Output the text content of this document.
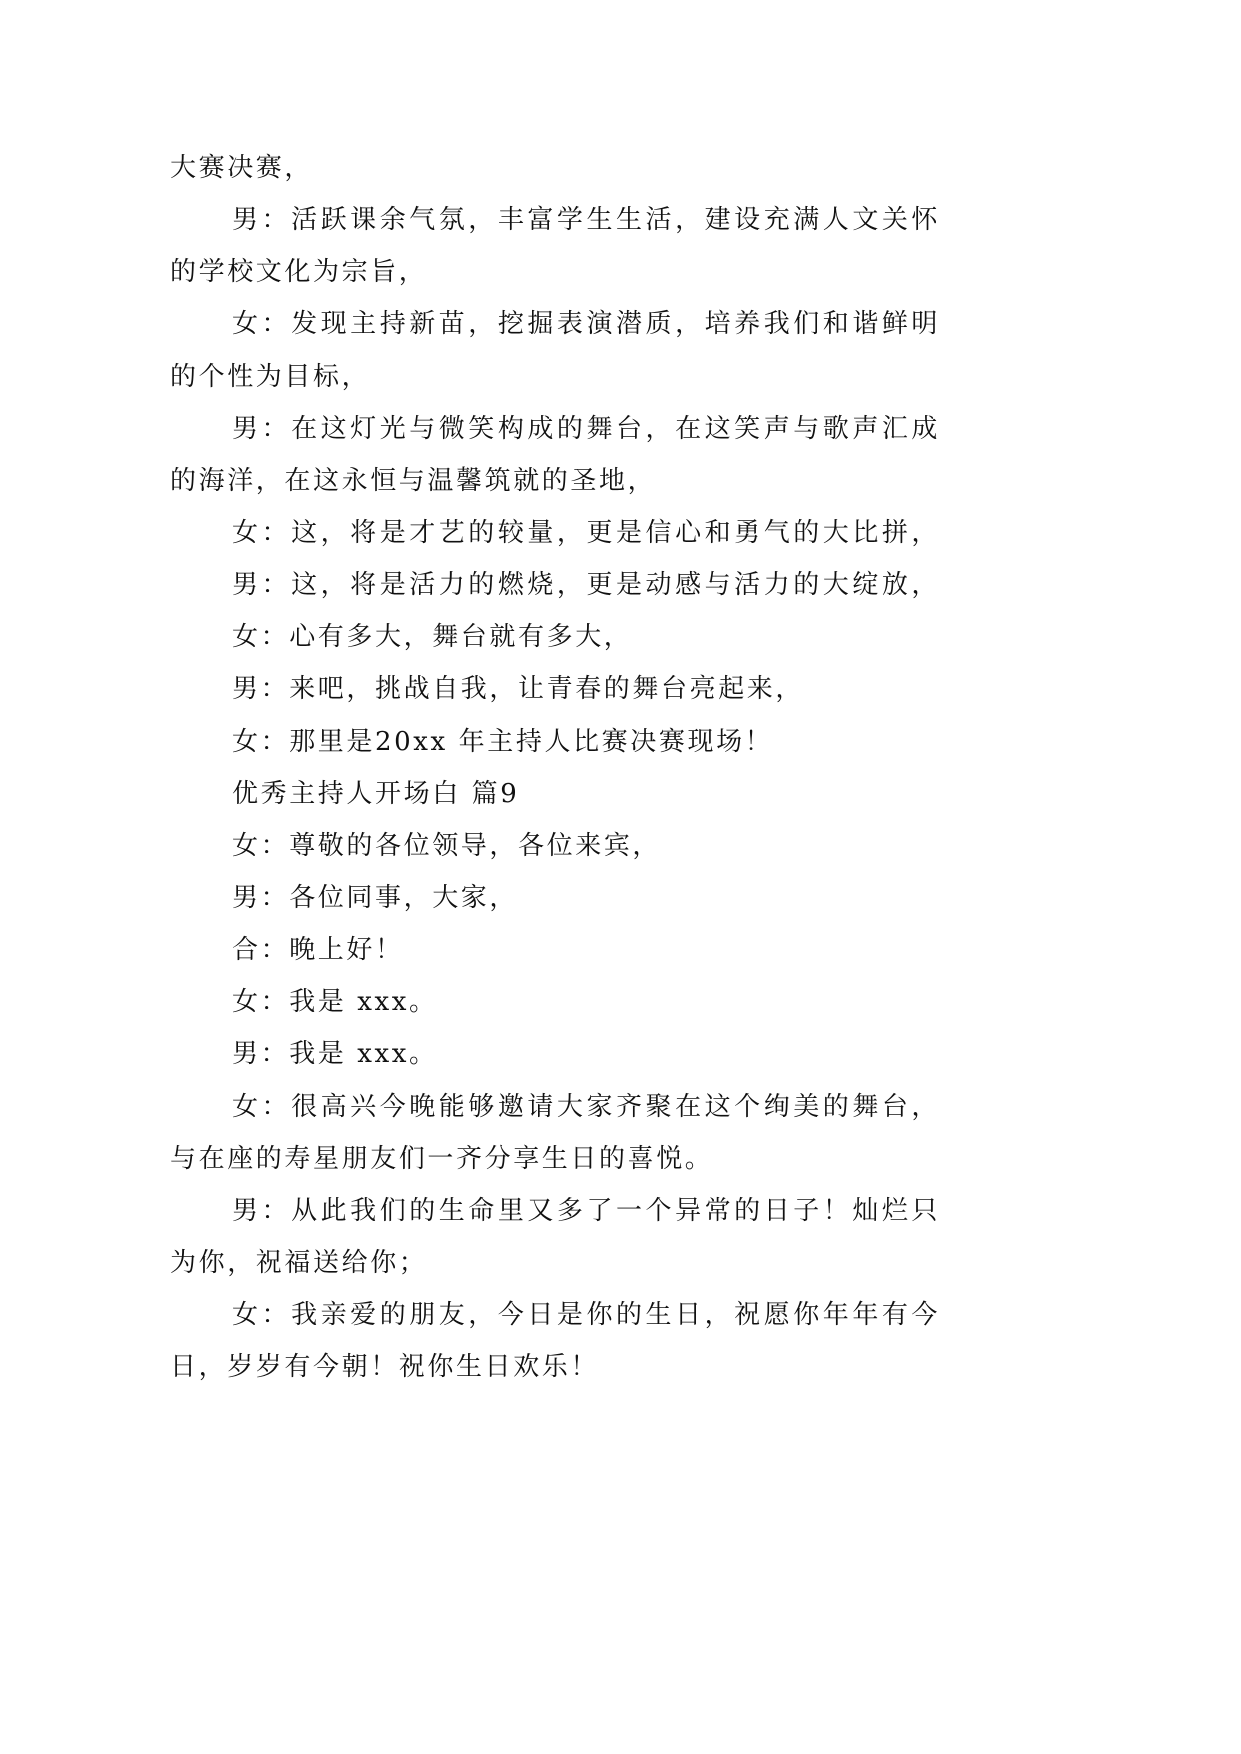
大赛决赛，
男：活跃课余气氛，丰富学生生活，建设充满人文关怀
的学校文化为宗旨，
女：发现主持新苗，挖掘表演潜质，培养我们和谐鲜明
的个性为目标，
男：在这灯光与微笑构成的舞台，在这笑声与歌声汇成
的海洋，在这永恒与温馨筑就的圣地，
女：这，将是才艺的较量，更是信心和勇气的大比拼，
男：这，将是活力的燃烧，更是动感与活力的大绽放，
女：心有多大，舞台就有多大，
男：来吧，挑战自我，让青春的舞台亮起来，
女：那里是20xx 年主持人比赛决赛现场！
优秀主持人开场白 篇9
女：尊敬的各位领导，各位来宾，
男：各位同事，大家，
合：晚上好！
女：我是 xxx。
男：我是 xxx。
女：很高兴今晚能够邀请大家齐聚在这个绚美的舞台，
与在座的寿星朋友们一齐分享生日的喜悦。
男：从此我们的生命里又多了一个异常的日子！灿烂只
为你，祝福送给你；
女：我亲爱的朋友，今日是你的生日，祝愿你年年有今
日，岁岁有今朝！祝你生日欢乐！
